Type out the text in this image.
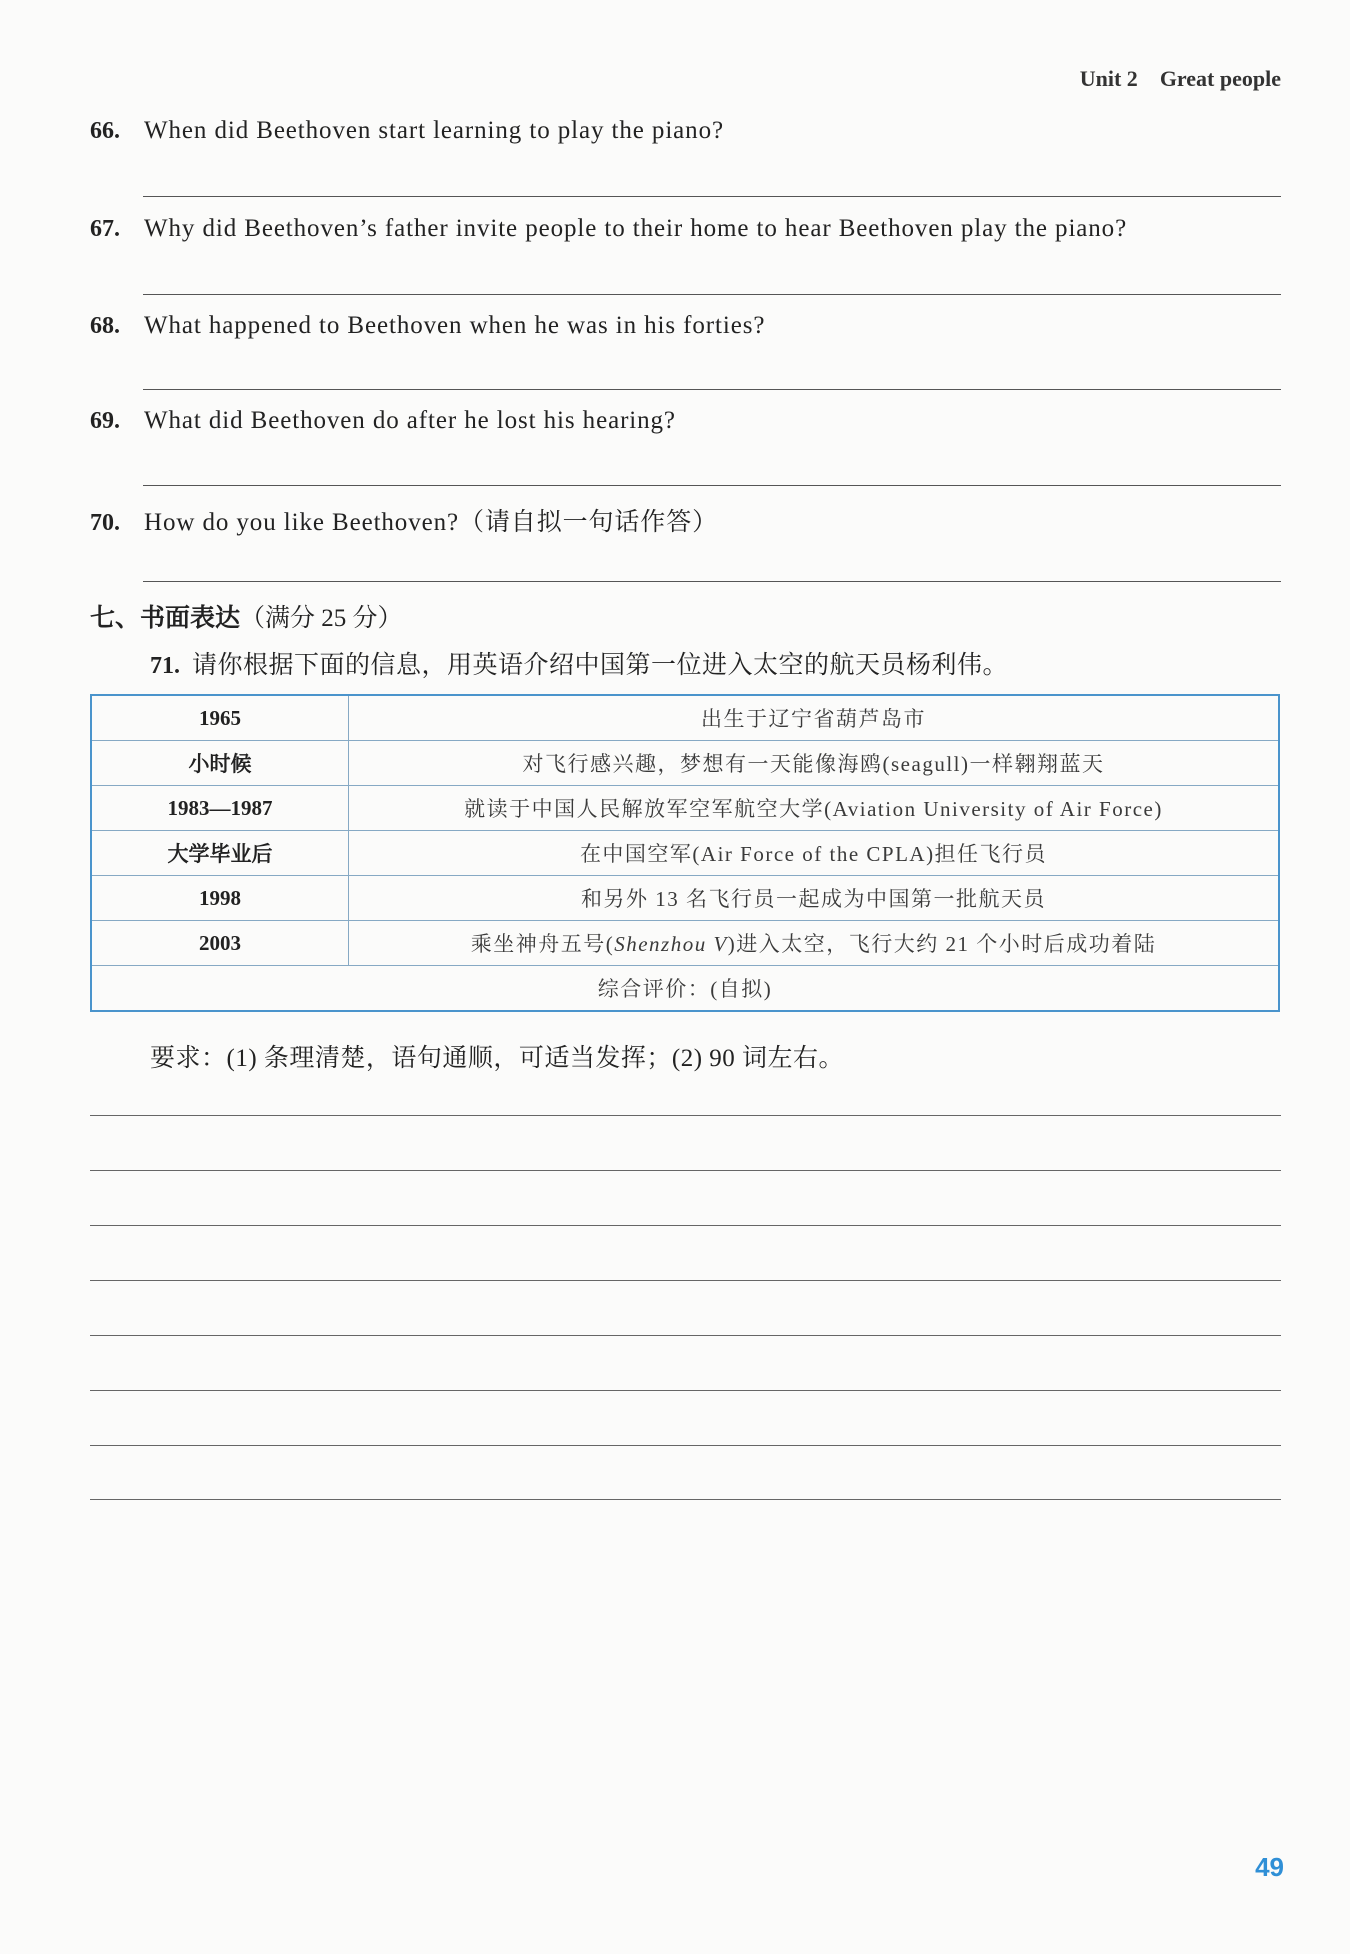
Unit 2 Great people
66. When did Beethoven start learning to play the piano?
67. Why did Beethoven’s father invite people to their home to hear Beethoven play the piano?
68. What happened to Beethoven when he was in his forties?
69. What did Beethoven do after he lost his hearing?
70. How do you like Beethoven?（请自拟一句话作答）
七、书面表达（满分 25 分）
71. 请你根据下面的信息，用英语介绍中国第一位进入太空的航天员杨利伟。
1965	出生于辽宁省葫芦岛市
小时候	对飞行感兴趣，梦想有一天能像海鸥(seagull)一样翱翔蓝天
1983—1987	就读于中国人民解放军空军航空大学(Aviation University of Air Force)
大学毕业后	在中国空军(Air Force of the CPLA)担任飞行员
1998	和另外 13 名飞行员一起成为中国第一批航天员
2003	乘坐神舟五号(Shenzhou V)进入太空，飞行大约 21 个小时后成功着陆
综合评价：(自拟)	
要求：(1) 条理清楚，语句通顺，可适当发挥；(2) 90 词左右。
49
